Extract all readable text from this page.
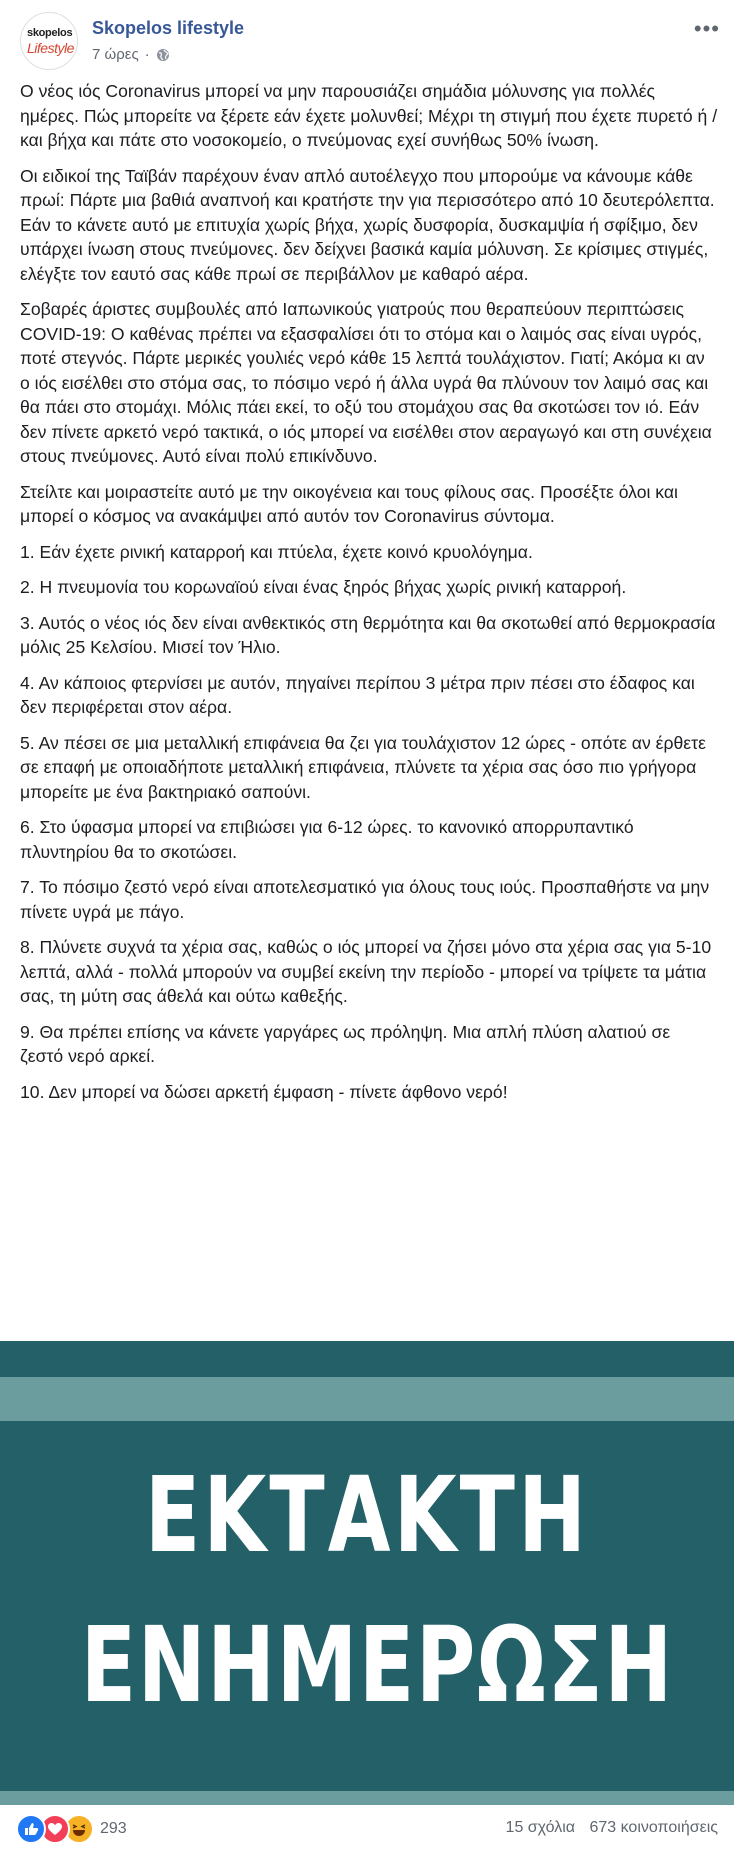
skopelos
Lifestyle
Skopelos lifestyle
7 ώρες ·
•••

Ο νέος ιός Coronavirus μπορεί να μην παρουσιάζει σημάδια μόλυνσης για πολλές ημέρες. Πώς μπορείτε να ξέρετε εάν έχετε μολυνθεί; Μέχρι τη στιγμή που έχετε πυρετό ή / και βήχα και πάτε στο νοσοκομείο, ο πνεύμονας εχεί συνήθως 50% ίνωση.

Οι ειδικοί της Ταϊβάν παρέχουν έναν απλό αυτοέλεγχο που μπορούμε να κάνουμε κάθε πρωί: Πάρτε μια βαθιά αναπνοή και κρατήστε την για περισσότερο από 10 δευτερόλεπτα. Εάν το κάνετε αυτό με επιτυχία χωρίς βήχα, χωρίς δυσφορία, δυσκαμψία ή σφίξιμο, δεν υπάρχει ίνωση στους πνεύμονες. δεν δείχνει βασικά καμία μόλυνση. Σε κρίσιμες στιγμές, ελέγξτε τον εαυτό σας κάθε πρωί σε περιβάλλον με καθαρό αέρα.

Σοβαρές άριστες συμβουλές από Ιαπωνικούς γιατρούς που θεραπεύουν περιπτώσεις COVID-19: Ο καθένας πρέπει να εξασφαλίσει ότι το στόμα και ο λαιμός σας είναι υγρός, ποτέ στεγνός. Πάρτε μερικές γουλιές νερό κάθε 15 λεπτά τουλάχιστον. Γιατί; Ακόμα κι αν ο ιός εισέλθει στο στόμα σας, το πόσιμο νερό ή άλλα υγρά θα πλύνουν τον λαιμό σας και θα πάει στο στομάχι. Μόλις πάει εκεί, το οξύ του στομάχου σας θα σκοτώσει τον ιό. Εάν δεν πίνετε αρκετό νερό τακτικά, ο ιός μπορεί να εισέλθει στον αεραγωγό και στη συνέχεια στους πνεύμονες. Αυτό είναι πολύ επικίνδυνο.

Στείλτε και μοιραστείτε αυτό με την οικογένεια και τους φίλους σας. Προσέξτε όλοι και μπορεί ο κόσμος να ανακάμψει από αυτόν τον Coronavirus σύντομα.

1. Εάν έχετε ρινική καταρροή και πτύελα, έχετε κοινό κρυολόγημα.

2. Η πνευμονία του κορωναϊού είναι ένας ξηρός βήχας χωρίς ρινική καταρροή.

3. Αυτός ο νέος ιός δεν είναι ανθεκτικός στη θερμότητα και θα σκοτωθεί από θερμοκρασία μόλις 25 Κελσίου. Μισεί τον Ήλιο.

4. Αν κάποιος φτερνίσει με αυτόν, πηγαίνει περίπου 3 μέτρα πριν πέσει στο έδαφος και δεν περιφέρεται στον αέρα.

5. Αν πέσει σε μια μεταλλική επιφάνεια θα ζει για τουλάχιστον 12 ώρες - οπότε αν έρθετε σε επαφή με οποιαδήποτε μεταλλική επιφάνεια, πλύνετε τα χέρια σας όσο πιο γρήγορα μπορείτε με ένα βακτηριακό σαπούνι.

6. Στο ύφασμα μπορεί να επιβιώσει για 6-12 ώρες. το κανονικό απορρυπαντικό πλυντηρίου θα το σκοτώσει.

7. Το πόσιμο ζεστό νερό είναι αποτελεσματικό για όλους τους ιούς. Προσπαθήστε να μην πίνετε υγρά με πάγο.

8. Πλύνετε συχνά τα χέρια σας, καθώς ο ιός μπορεί να ζήσει μόνο στα χέρια σας για 5-10 λεπτά, αλλά - πολλά μπορούν να συμβεί εκείνη την περίοδο - μπορεί να τρίψετε τα μάτια σας, τη μύτη σας άθελά και ούτω καθεξής.

9. Θα πρέπει επίσης να κάνετε γαργάρες ως πρόληψη. Μια απλή πλύση αλατιού σε ζεστό νερό αρκεί.

10. Δεν μπορεί να δώσει αρκετή έμφαση - πίνετε άφθονο νερό!

ΕΚΤΑΚΤΗ
ΕΝΗΜΕΡΩΣΗ
293	15 σχόλια 673 κοινοποιήσεις
